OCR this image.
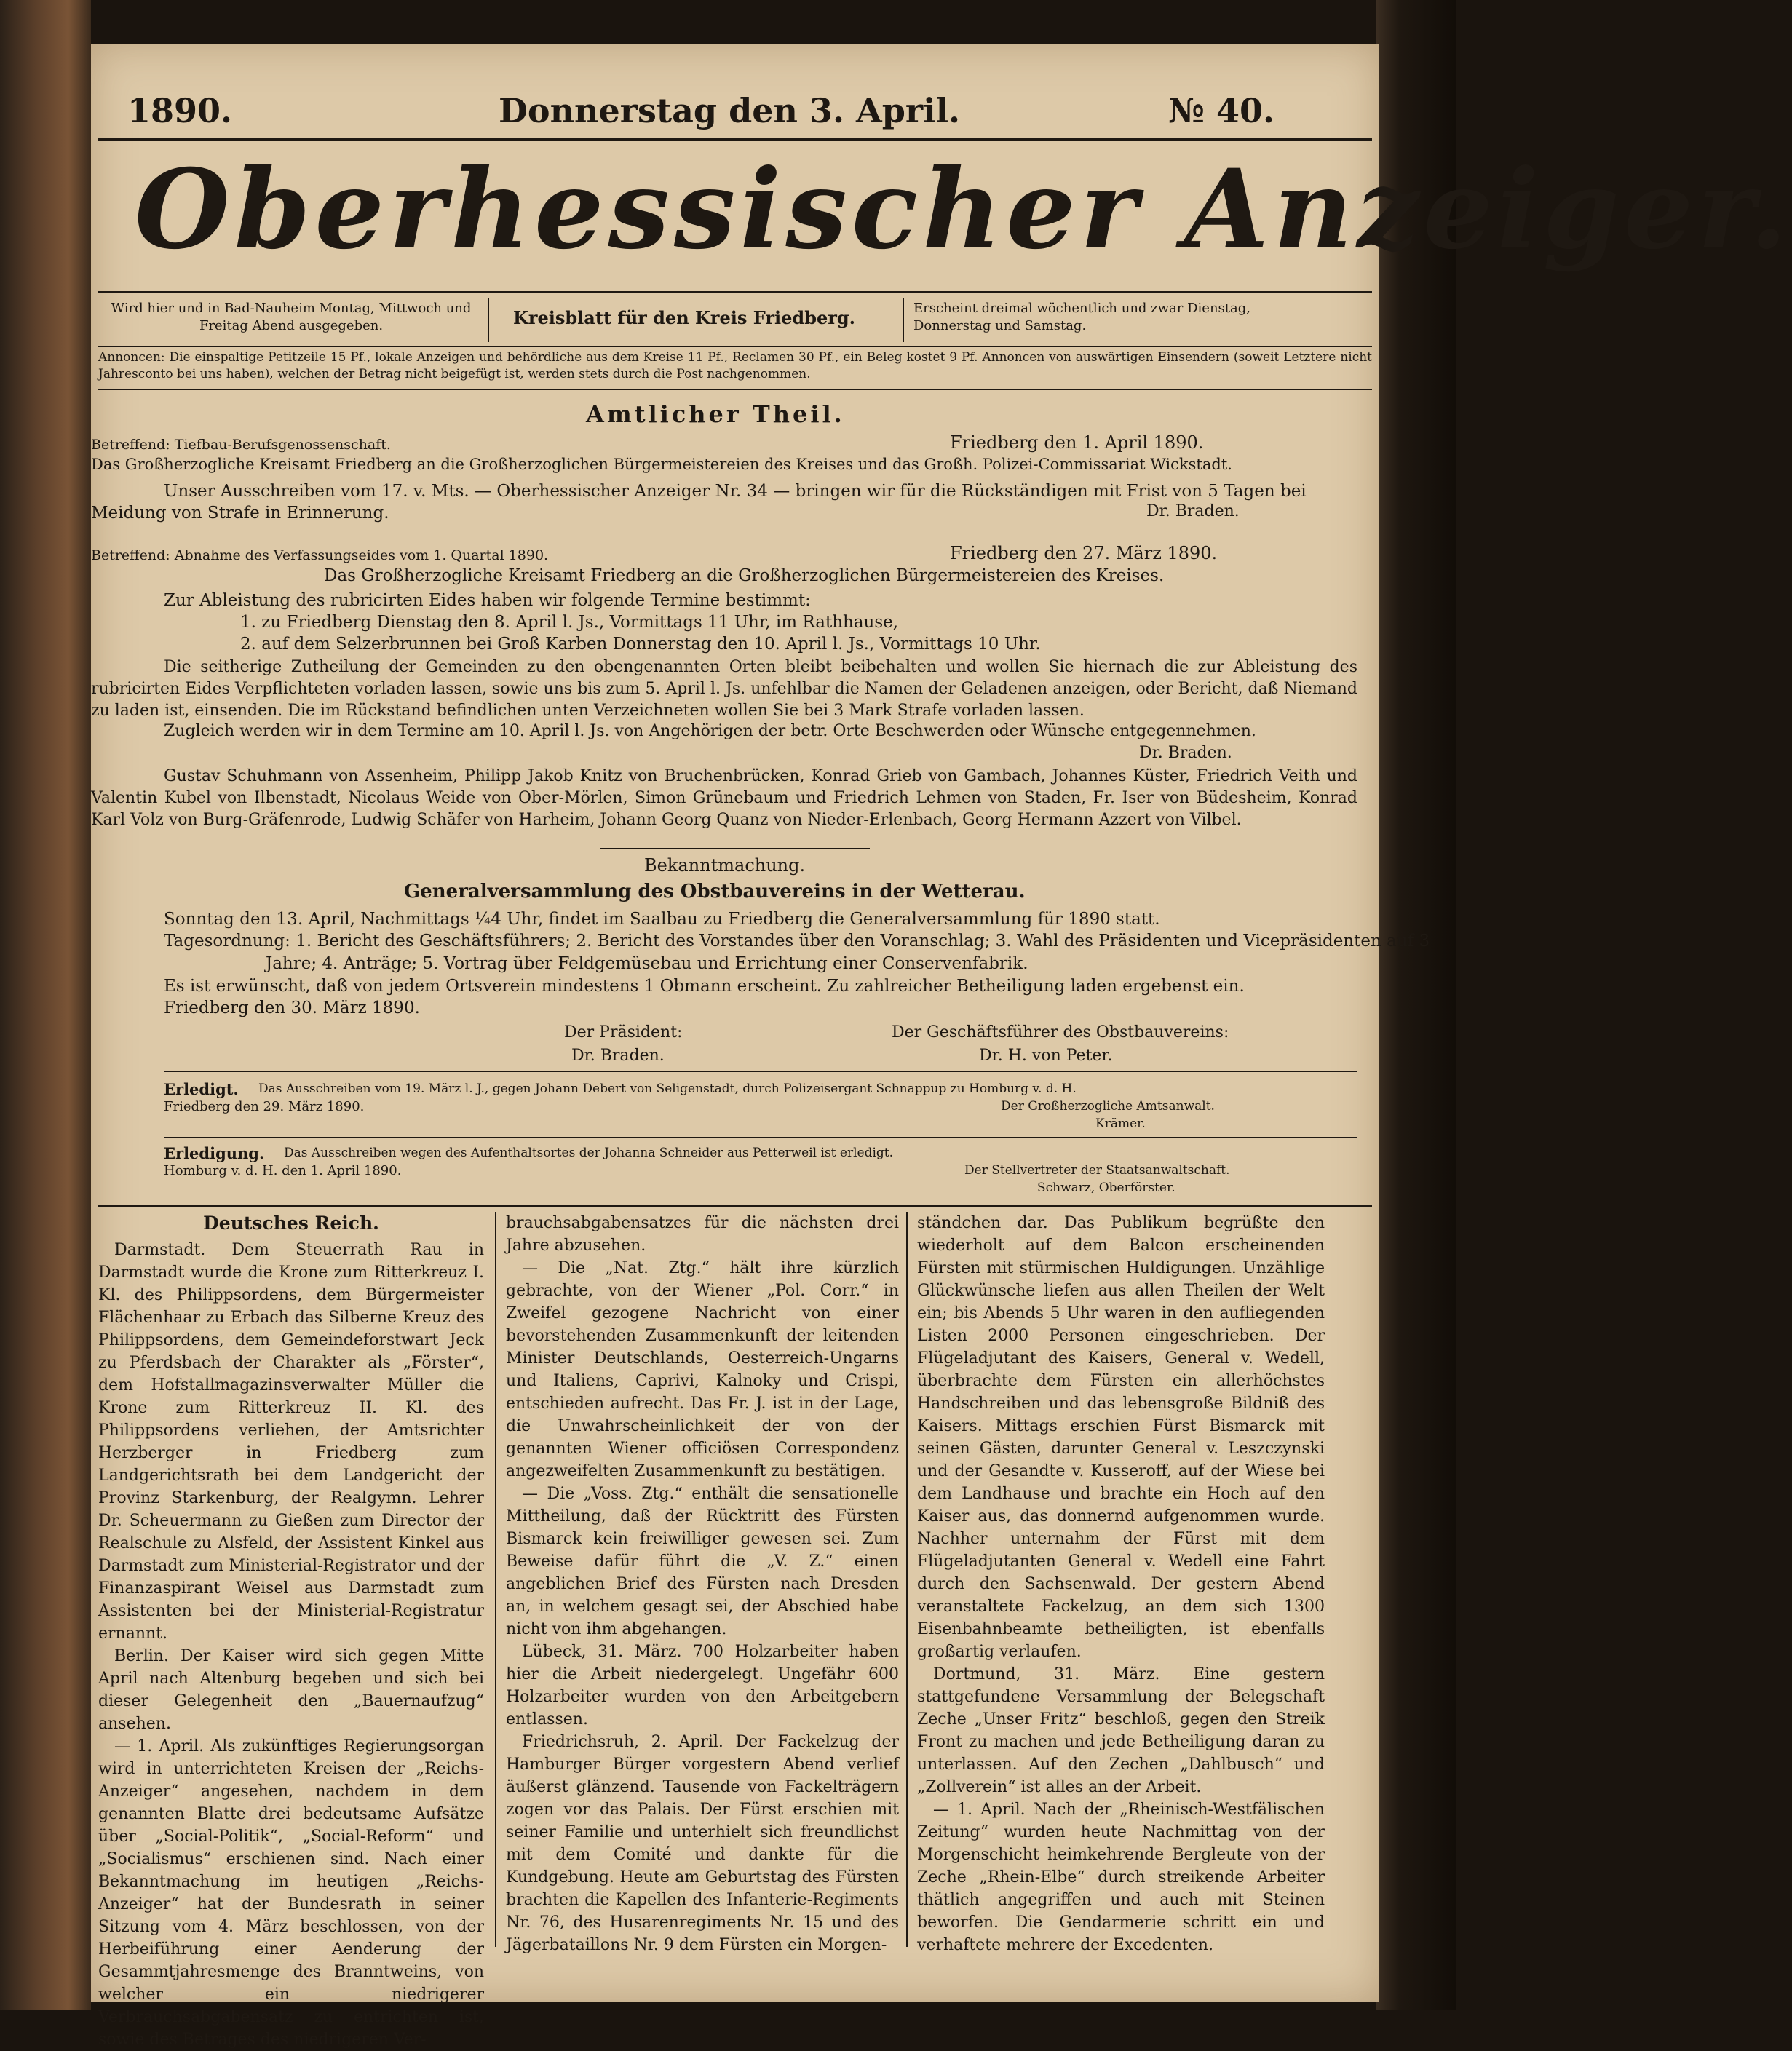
1890.	Donnerstag den 3. April.	№ 40.
Oberhessischer Anzeiger.
Wird hier und in Bad-Nauheim Montag, Mittwoch und Freitag Abend ausgegeben.	Kreisblatt für den Kreis Friedberg.	Erscheint dreimal wöchentlich und zwar Dienstag, Donnerstag und Samstag.
Annoncen: Die einspaltige Petitzeile 15 Pf., lokale Anzeigen und behördliche aus dem Kreise 11 Pf., Reclamen 30 Pf., ein Beleg kostet 9 Pf. Annoncen von auswärtigen Einsendern (soweit Letztere nicht Jahresconto bei uns haben), welchen der Betrag nicht beigefügt ist, werden stets durch die Post nachgenommen.
Amtlicher Theil.
Betreffend: Tiefbau-Berufsgenossenschaft.	Friedberg den 1. April 1890.
Das Großherzogliche Kreisamt Friedberg an die Großherzoglichen Bürgermeistereien des Kreises und das Großh. Polizei-Commissariat Wickstadt.
Unser Ausschreiben vom 17. v. Mts. — Oberhessischer Anzeiger Nr. 34 — bringen wir für die Rückständigen mit Frist von 5 Tagen bei Meidung von Strafe in Erinnerung.	Dr. Braden.
Betreffend: Abnahme des Verfassungseides vom 1. Quartal 1890.	Friedberg den 27. März 1890.
Das Großherzogliche Kreisamt Friedberg an die Großherzoglichen Bürgermeistereien des Kreises.
Zur Ableistung des rubricirten Eides haben wir folgende Termine bestimmt:
1. zu Friedberg Dienstag den 8. April l. Js., Vormittags 11 Uhr, im Rathhause,
2. auf dem Selzerbrunnen bei Groß Karben Donnerstag den 10. April l. Js., Vormittags 10 Uhr.
Die seitherige Zutheilung der Gemeinden zu den obengenannten Orten bleibt beibehalten und wollen Sie hiernach die zur Ableistung des rubricirten Eides Verpflichteten vorladen lassen, sowie uns bis zum 5. April l. Js. unfehlbar die Namen der Geladenen anzeigen, oder Bericht, daß Niemand zu laden ist, einsenden. Die im Rückstand befindlichen unten Verzeichneten wollen Sie bei 3 Mark Strafe vorladen lassen.
Zugleich werden wir in dem Termine am 10. April l. Js. von Angehörigen der betr. Orte Beschwerden oder Wünsche entgegennehmen.
Dr. Braden.
Gustav Schuhmann von Assenheim, Philipp Jakob Knitz von Bruchenbrücken, Konrad Grieb von Gambach, Johannes Küster, Friedrich Veith und Valentin Kubel von Ilbenstadt, Nicolaus Weide von Ober-Mörlen, Simon Grünebaum und Friedrich Lehmen von Staden, Fr. Iser von Büdesheim, Konrad Karl Volz von Burg-Gräfenrode, Ludwig Schäfer von Harheim, Johann Georg Quanz von Nieder-Erlenbach, Georg Hermann Azzert von Vilbel.
Bekanntmachung.
Generalversammlung des Obstbauvereins in der Wetterau.
Sonntag den 13. April, Nachmittags ¼4 Uhr, findet im Saalbau zu Friedberg die Generalversammlung für 1890 statt.
Tagesordnung: 1. Bericht des Geschäftsführers; 2. Bericht des Vorstandes über den Voranschlag; 3. Wahl des Präsidenten und Vicepräsidenten auf 3 Jahre; 4. Anträge; 5. Vortrag über Feldgemüsebau und Errichtung einer Conservenfabrik.
Es ist erwünscht, daß von jedem Ortsverein mindestens 1 Obmann erscheint. Zu zahlreicher Betheiligung laden ergebenst ein.
Friedberg den 30. März 1890.
Der Präsident:
Dr. Braden.
Der Geschäftsführer des Obstbauvereins:
Dr. H. von Peter.
Erledigt. Das Ausschreiben vom 19. März l. J., gegen Johann Debert von Seligenstadt, durch Polizeisergant Schnappup zu Homburg v. d. H.
Friedberg den 29. März 1890.	Der Großherzogliche Amtsanwalt.
Krämer.
Erledigung. Das Ausschreiben wegen des Aufenthaltsortes der Johanna Schneider aus Petterweil ist erledigt.
Homburg v. d. H. den 1. April 1890.	Der Stellvertreter der Staatsanwaltschaft.
Schwarz, Oberförster.

Deutsches Reich.

Darmstadt. Dem Steuerrath Rau in Darmstadt wurde die Krone zum Ritterkreuz I. Kl. des Philippsordens, dem Bürgermeister Flächenhaar zu Erbach das Silberne Kreuz des Philippsordens, dem Gemeindeforstwart Jeck zu Pferdsbach der Charakter als „Förster“, dem Hofstallmagazinsverwalter Müller die Krone zum Ritterkreuz II. Kl. des Philippsordens verliehen, der Amtsrichter Herzberger in Friedberg zum Landgerichtsrath bei dem Landgericht der Provinz Starkenburg, der Realgymn. Lehrer Dr. Scheuermann zu Gießen zum Director der Realschule zu Alsfeld, der Assistent Kinkel aus Darmstadt zum Ministerial-Registrator und der Finanzaspirant Weisel aus Darmstadt zum Assistenten bei der Ministerial-Registratur ernannt.

Berlin. Der Kaiser wird sich gegen Mitte April nach Altenburg begeben und sich bei dieser Gelegenheit den „Bauernaufzug“ ansehen.

— 1. April. Als zukünftiges Regierungsorgan wird in unterrichteten Kreisen der „Reichs-Anzeiger“ angesehen, nachdem in dem genannten Blatte drei bedeutsame Aufsätze über „Social-Politik“, „Social-Reform“ und „Socialismus“ erschienen sind. Nach einer Bekanntmachung im heutigen „Reichs-Anzeiger“ hat der Bundesrath in seiner Sitzung vom 4. März beschlossen, von der Herbeiführung einer Aenderung der Gesammtjahresmenge des Branntweins, von welcher ein niedrigerer Verbrauchsabgabensatz zu entrichten ist, sowie des Betrages des niedrigeren Ver-

brauchsabgabensatzes für die nächsten drei Jahre abzusehen.

— Die „Nat. Ztg.“ hält ihre kürzlich gebrachte, von der Wiener „Pol. Corr.“ in Zweifel gezogene Nachricht von einer bevorstehenden Zusammenkunft der leitenden Minister Deutschlands, Oesterreich-Ungarns und Italiens, Caprivi, Kalnoky und Crispi, entschieden aufrecht. Das Fr. J. ist in der Lage, die Unwahrscheinlichkeit der von der genannten Wiener officiösen Correspondenz angezweifelten Zusammenkunft zu bestätigen.

— Die „Voss. Ztg.“ enthält die sensationelle Mittheilung, daß der Rücktritt des Fürsten Bismarck kein freiwilliger gewesen sei. Zum Beweise dafür führt die „V. Z.“ einen angeblichen Brief des Fürsten nach Dresden an, in welchem gesagt sei, der Abschied habe nicht von ihm abgehangen.

Lübeck, 31. März. 700 Holzarbeiter haben hier die Arbeit niedergelegt. Ungefähr 600 Holzarbeiter wurden von den Arbeitgebern entlassen.

Friedrichsruh, 2. April. Der Fackelzug der Hamburger Bürger vorgestern Abend verlief äußerst glänzend. Tausende von Fackelträgern zogen vor das Palais. Der Fürst erschien mit seiner Familie und unterhielt sich freundlichst mit dem Comité und dankte für die Kundgebung. Heute am Geburtstag des Fürsten brachten die Kapellen des Infanterie-Regiments Nr. 76, des Husarenregiments Nr. 15 und des Jägerbataillons Nr. 9 dem Fürsten ein Morgen-

ständchen dar. Das Publikum begrüßte den wiederholt auf dem Balcon erscheinenden Fürsten mit stürmischen Huldigungen. Unzählige Glückwünsche liefen aus allen Theilen der Welt ein; bis Abends 5 Uhr waren in den aufliegenden Listen 2000 Personen eingeschrieben. Der Flügeladjutant des Kaisers, General v. Wedell, überbrachte dem Fürsten ein allerhöchstes Handschreiben und das lebensgroße Bildniß des Kaisers. Mittags erschien Fürst Bismarck mit seinen Gästen, darunter General v. Leszczynski und der Gesandte v. Kusseroff, auf der Wiese bei dem Landhause und brachte ein Hoch auf den Kaiser aus, das donnernd aufgenommen wurde. Nachher unternahm der Fürst mit dem Flügeladjutanten General v. Wedell eine Fahrt durch den Sachsenwald. Der gestern Abend veranstaltete Fackelzug, an dem sich 1300 Eisenbahnbeamte betheiligten, ist ebenfalls großartig verlaufen.

Dortmund, 31. März. Eine gestern stattgefundene Versammlung der Belegschaft Zeche „Unser Fritz“ beschloß, gegen den Streik Front zu machen und jede Betheiligung daran zu unterlassen. Auf den Zechen „Dahlbusch“ und „Zollverein“ ist alles an der Arbeit.

— 1. April. Nach der „Rheinisch-Westfälischen Zeitung“ wurden heute Nachmittag von der Morgenschicht heimkehrende Bergleute von der Zeche „Rhein-Elbe“ durch streikende Arbeiter thätlich angegriffen und auch mit Steinen beworfen. Die Gendarmerie schritt ein und verhaftete mehrere der Excedenten.
